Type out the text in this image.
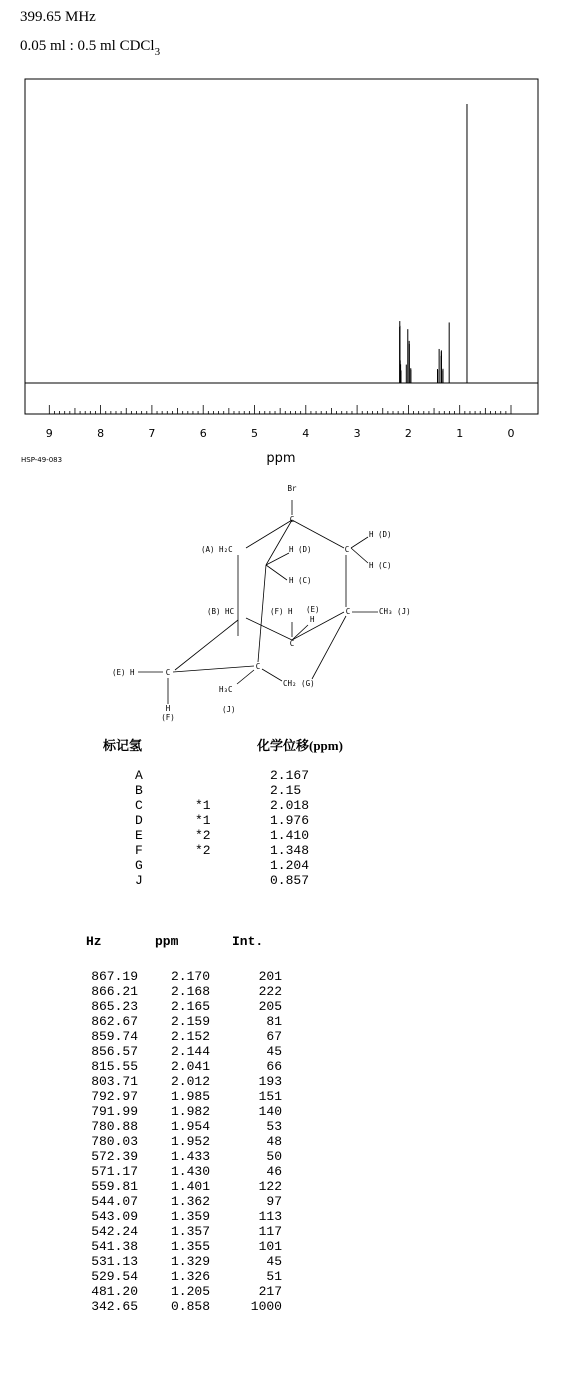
399.65 MHz
0.05 ml : 0.5 ml CDCl$_3$
9	8	7	6	5	4	3	2	1	0
ppm
HSP-49-083
Br
C
H (D)
H (C)
(A) H₂C	H (D)
H (C)
C
(B) HC	(F) H (E)
H
C
C	CH₃ (J)
(E) H	C
C
CH₂ (G)
H₃C
(J)
H
(F)
标记氢	化学位移(ppm)
A	2.167
B	2.15
C	*1	2.018
D	*1	1.976
E	*2	1.410
F	*2	1.348
G	1.204
J	0.857
Hz	ppm	Int.
867.19	2.170	201
866.21	2.168	222
865.23	2.165	205
862.67	2.159	81
859.74	2.152	67
856.57	2.144	45
815.55	2.041	66
803.71	2.012	193
792.97	1.985	151
791.99	1.982	140
780.88	1.954	53
780.03	1.952	48
572.39	1.433	50
571.17	1.430	46
559.81	1.401	122
544.07	1.362	97
543.09	1.359	113
542.24	1.357	117
541.38	1.355	101
531.13	1.329	45
529.54	1.326	51
481.20	1.205	217
342.65	0.858	1000
